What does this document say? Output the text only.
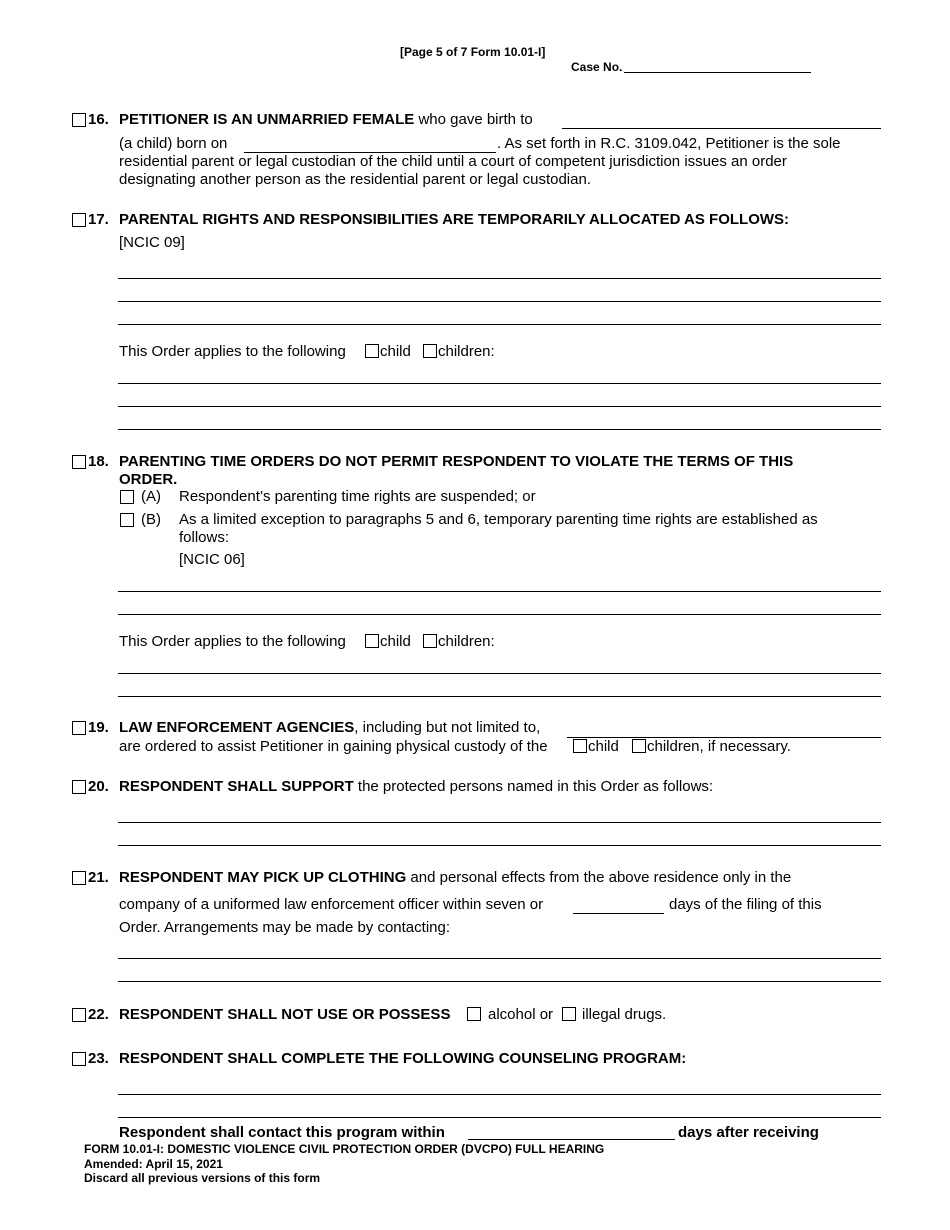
[Page 5 of 7 Form 10.01-I]
Case No.
16. PETITIONER IS AN UNMARRIED FEMALE who gave birth to
(a child) born on	. As set forth in R.C. 3109.042, Petitioner is the sole
residential parent or legal custodian of the child until a court of competent jurisdiction issues an order
designating another person as the residential parent or legal custodian.
17. PARENTAL RIGHTS AND RESPONSIBILITIES ARE TEMPORARILY ALLOCATED AS FOLLOWS:
[NCIC 09]
This Order applies to the following child children:
18. PARENTING TIME ORDERS DO NOT PERMIT RESPONDENT TO VIOLATE THE TERMS OF THIS
ORDER.
(A) Respondent’s parenting time rights are suspended; or
(B) As a limited exception to paragraphs 5 and 6, temporary parenting time rights are established as
follows:
[NCIC 06]
This Order applies to the following child children:
19. LAW ENFORCEMENT AGENCIES, including but not limited to,
are ordered to assist Petitioner in gaining physical custody of the	child children, if necessary.
20. RESPONDENT SHALL SUPPORT the protected persons named in this Order as follows:
21. RESPONDENT MAY PICK UP CLOTHING and personal effects from the above residence only in the
company of a uniformed law enforcement officer within seven or	days of the filing of this
Order. Arrangements may be made by contacting:
22. RESPONDENT SHALL NOT USE OR POSSESS	alcohol or illegal drugs.
23. RESPONDENT SHALL COMPLETE THE FOLLOWING COUNSELING PROGRAM:
Respondent shall contact this program within	days after receiving
FORM 10.01-I: DOMESTIC VIOLENCE CIVIL PROTECTION ORDER (DVCPO) FULL HEARING
Amended: April 15, 2021
Discard all previous versions of this form
